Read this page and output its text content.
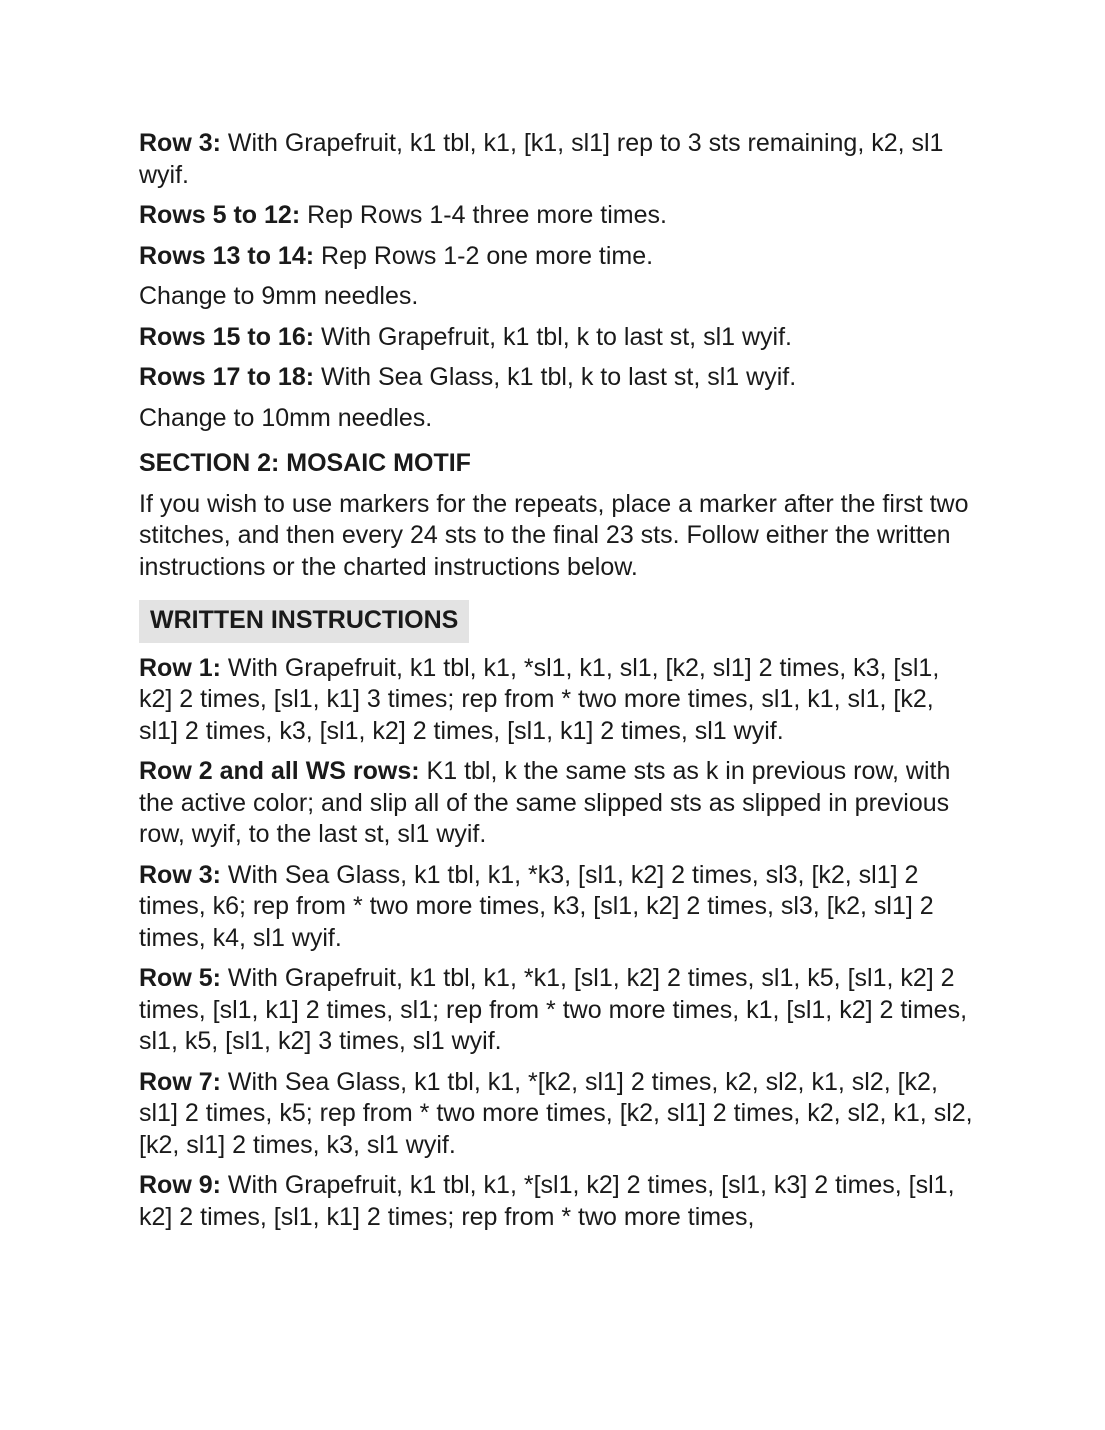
Row 3: With Grapefruit, k1 tbl, k1, [k1, sl1] rep to 3 sts remaining, k2, sl1 wyif.

Rows 5 to 12: Rep Rows 1-4 three more times.

Rows 13 to 14: Rep Rows 1-2 one more time.

Change to 9mm needles.

Rows 15 to 16: With Grapefruit, k1 tbl, k to last st, sl1 wyif.

Rows 17 to 18: With Sea Glass, k1 tbl, k to last st, sl1 wyif.

Change to 10mm needles.

SECTION 2: MOSAIC MOTIF

If you wish to use markers for the repeats, place a marker after the first two stitches, and then every 24 sts to the final 23 sts. Follow either the written instructions or the charted instructions below.

WRITTEN INSTRUCTIONS

Row 1: With Grapefruit, k1 tbl, k1, *sl1, k1, sl1, [k2, sl1] 2 times, k3, [sl1, k2] 2 times, [sl1, k1] 3 times; rep from * two more times, sl1, k1, sl1, [k2, sl1] 2 times, k3, [sl1, k2] 2 times, [sl1, k1] 2 times, sl1 wyif.

Row 2 and all WS rows: K1 tbl, k the same sts as k in previous row, with the active color; and slip all of the same slipped sts as slipped in previous row, wyif, to the last st, sl1 wyif.

Row 3: With Sea Glass, k1 tbl, k1, *k3, [sl1, k2] 2 times, sl3, [k2, sl1] 2 times, k6; rep from * two more times, k3, [sl1, k2] 2 times, sl3, [k2, sl1] 2 times, k4, sl1 wyif.

Row 5: With Grapefruit, k1 tbl, k1, *k1, [sl1, k2] 2 times, sl1, k5, [sl1, k2] 2 times, [sl1, k1] 2 times, sl1; rep from * two more times, k1, [sl1, k2] 2 times, sl1, k5, [sl1, k2] 3 times, sl1 wyif.

Row 7: With Sea Glass, k1 tbl, k1, *[k2, sl1] 2 times, k2, sl2, k1, sl2, [k2, sl1] 2 times, k5; rep from * two more times, [k2, sl1] 2 times, k2, sl2, k1, sl2, [k2, sl1] 2 times, k3, sl1 wyif.

Row 9: With Grapefruit, k1 tbl, k1, *[sl1, k2] 2 times, [sl1, k3] 2 times, [sl1, k2] 2 times, [sl1, k1] 2 times; rep from * two more times,
